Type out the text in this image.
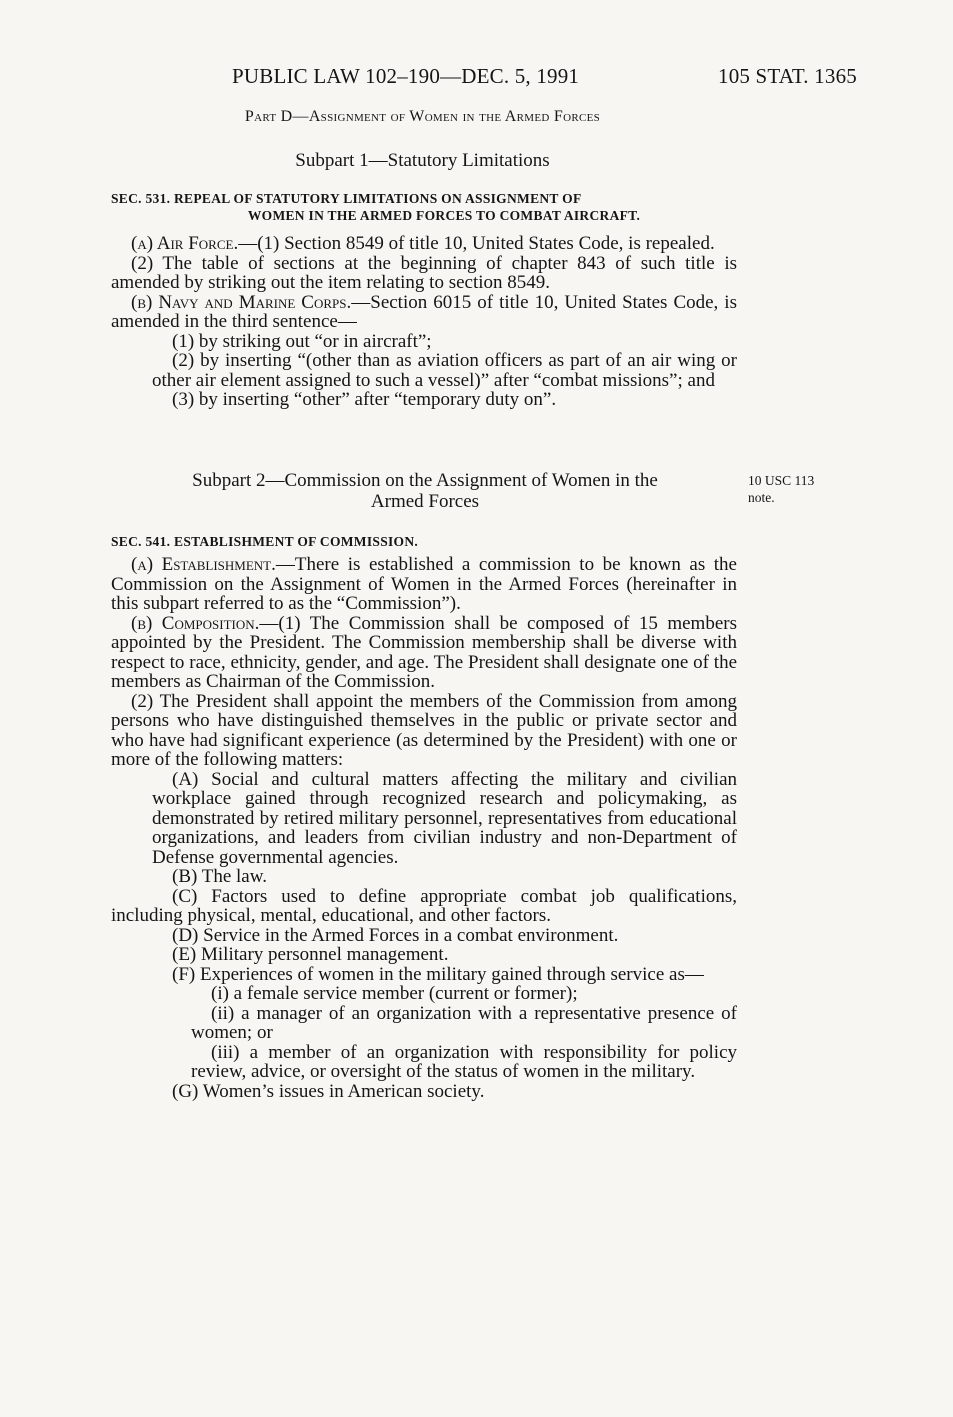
PUBLIC LAW 102–190—DEC. 5, 1991	105 STAT. 1365
Part D—Assignment of Women in the Armed Forces
Subpart 1—Statutory Limitations
SEC. 531. REPEAL OF STATUTORY LIMITATIONS ON ASSIGNMENT OF
WOMEN IN THE ARMED FORCES TO COMBAT AIRCRAFT.

(a) Air Force.—(1) Section 8549 of title 10, United States Code, is repealed.

(2) The table of sections at the beginning of chapter 843 of such title is amended by striking out the item relating to section 8549.

(b) Navy and Marine Corps.—Section 6015 of title 10, United States Code, is amended in the third sentence—

(1) by striking out “or in aircraft”;

(2) by inserting “(other than as aviation officers as part of an air wing or other air element assigned to such a vessel)” after “combat missions”; and

(3) by inserting “other” after “temporary duty on”.

Subpart 2—Commission on the Assignment of Women in the
Armed Forces
10 USC 113
note.
SEC. 541. ESTABLISHMENT OF COMMISSION.

(a) Establishment.—There is established a commission to be known as the Commission on the Assignment of Women in the Armed Forces (hereinafter in this subpart referred to as the “Commission”).

(b) Composition.—(1) The Commission shall be composed of 15 members appointed by the President. The Commission membership shall be diverse with respect to race, ethnicity, gender, and age. The President shall designate one of the members as Chairman of the Commission.

(2) The President shall appoint the members of the Commission from among persons who have distinguished themselves in the public or private sector and who have had significant experience (as determined by the President) with one or more of the following matters:

(A) Social and cultural matters affecting the military and civilian workplace gained through recognized research and policymaking, as demonstrated by retired military personnel, representatives from educational organizations, and leaders from civilian industry and non-Department of Defense governmental agencies.

(B) The law.

(C) Factors used to define appropriate combat job qualifications, including physical, mental, educational, and other factors.

(D) Service in the Armed Forces in a combat environment.

(E) Military personnel management.

(F) Experiences of women in the military gained through service as—

(i) a female service member (current or former);

(ii) a manager of an organization with a representative presence of women; or

(iii) a member of an organization with responsibility for policy review, advice, or oversight of the status of women in the military.

(G) Women’s issues in American society.
